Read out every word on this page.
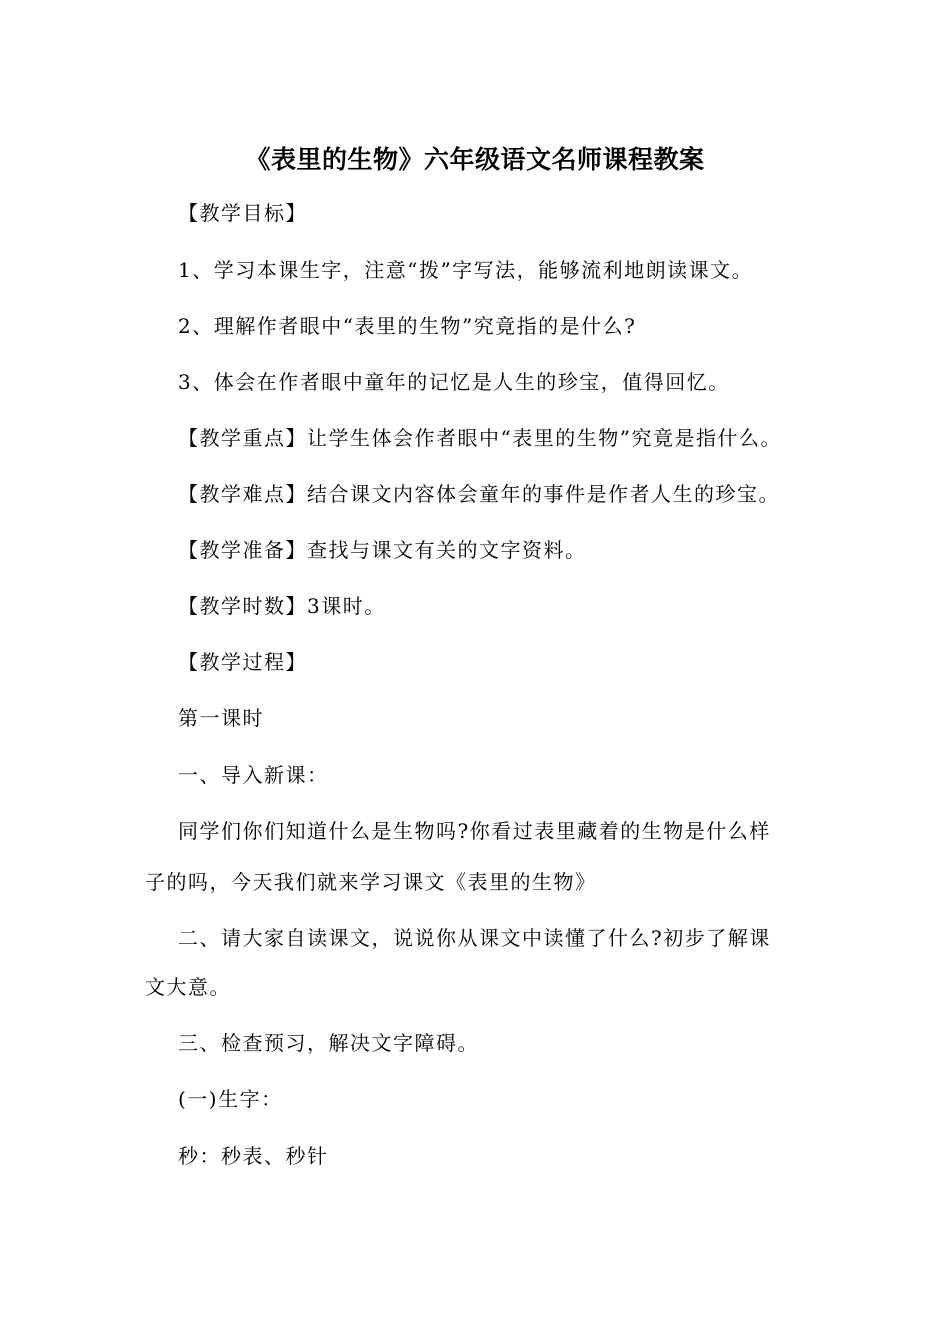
《表里的生物》六年级语文名师课程教案
【教学目标】
1、学习本课生字，注意“拨”字写法，能够流利地朗读课文。
2、理解作者眼中“表里的生物”究竟指的是什么?
3、体会在作者眼中童年的记忆是人生的珍宝，值得回忆。
【教学重点】让学生体会作者眼中“表里的生物”究竟是指什么。
【教学难点】结合课文内容体会童年的事件是作者人生的珍宝。
【教学准备】查找与课文有关的文字资料。
【教学时数】3课时。
【教学过程】
第一课时
一、导入新课：
同学们你们知道什么是生物吗?你看过表里藏着的生物是什么样
子的吗，今天我们就来学习课文《表里的生物》
二、请大家自读课文，说说你从课文中读懂了什么?初步了解课
文大意。
三、检查预习，解决文字障碍。
(一)生字：
秒：秒表、秒针
